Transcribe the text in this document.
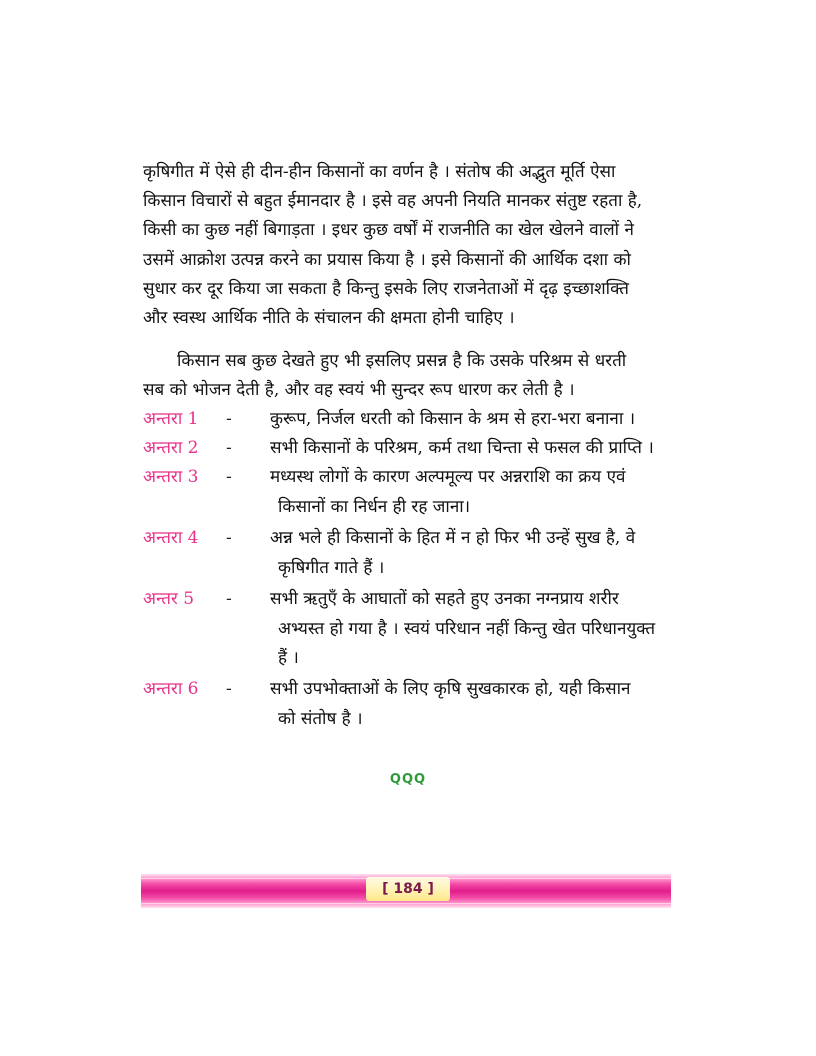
कृषिगीत में ऐसे ही दीन-हीन किसानों का वर्णन है । संतोष की अद्भुत मूर्ति ऐसा
किसान विचारों से बहुत ईमानदार है । इसे वह अपनी नियति मानकर संतुष्ट रहता है,
किसी का कुछ नहीं बिगाड़ता । इधर कुछ वर्षों में राजनीति का खेल खेलने वालों ने
उसमें आक्रोश उत्पन्न करने का प्रयास किया है । इसे किसानों की आर्थिक दशा को
सुधार कर दूर किया जा सकता है किन्तु इसके लिए राजनेताओं में दृढ़ इच्छाशक्ति
और स्वस्थ आर्थिक नीति के संचालन की क्षमता होनी चाहिए ।

किसान सब कुछ देखते हुए भी इसलिए प्रसन्न है कि उसके परिश्रम से धरती
सब को भोजन देती है, और वह स्वयं भी सुन्दर रूप धारण कर लेती है ।

अन्तरा 1	-	कुरूप, निर्जल धरती को किसान के श्रम से हरा-भरा बनाना ।
अन्तरा 2	-	सभी किसानों के परिश्रम, कर्म तथा चिन्ता से फसल की प्राप्ति ।
अन्तरा 3	-	मध्यस्थ लोगों के कारण अल्पमूल्य पर अन्नराशि का क्रय एवं
किसानों का निर्धन ही रह जाना।
अन्तरा 4	-	अन्न भले ही किसानों के हित में न हो फिर भी उन्हें सुख है, वे
कृषिगीत गाते हैं ।
अन्तर 5	-	सभी ऋतुएँ के आघातों को सहते हुए उनका नग्नप्राय शरीर
अभ्यस्त हो गया है । स्वयं परिधान नहीं किन्तु खेत परिधानयुक्त
हैं ।
अन्तरा 6	-	सभी उपभोक्ताओं के लिए कृषि सुखकारक हो, यही किसान
को संतोष है ।
QQQ
[ 184 ]
